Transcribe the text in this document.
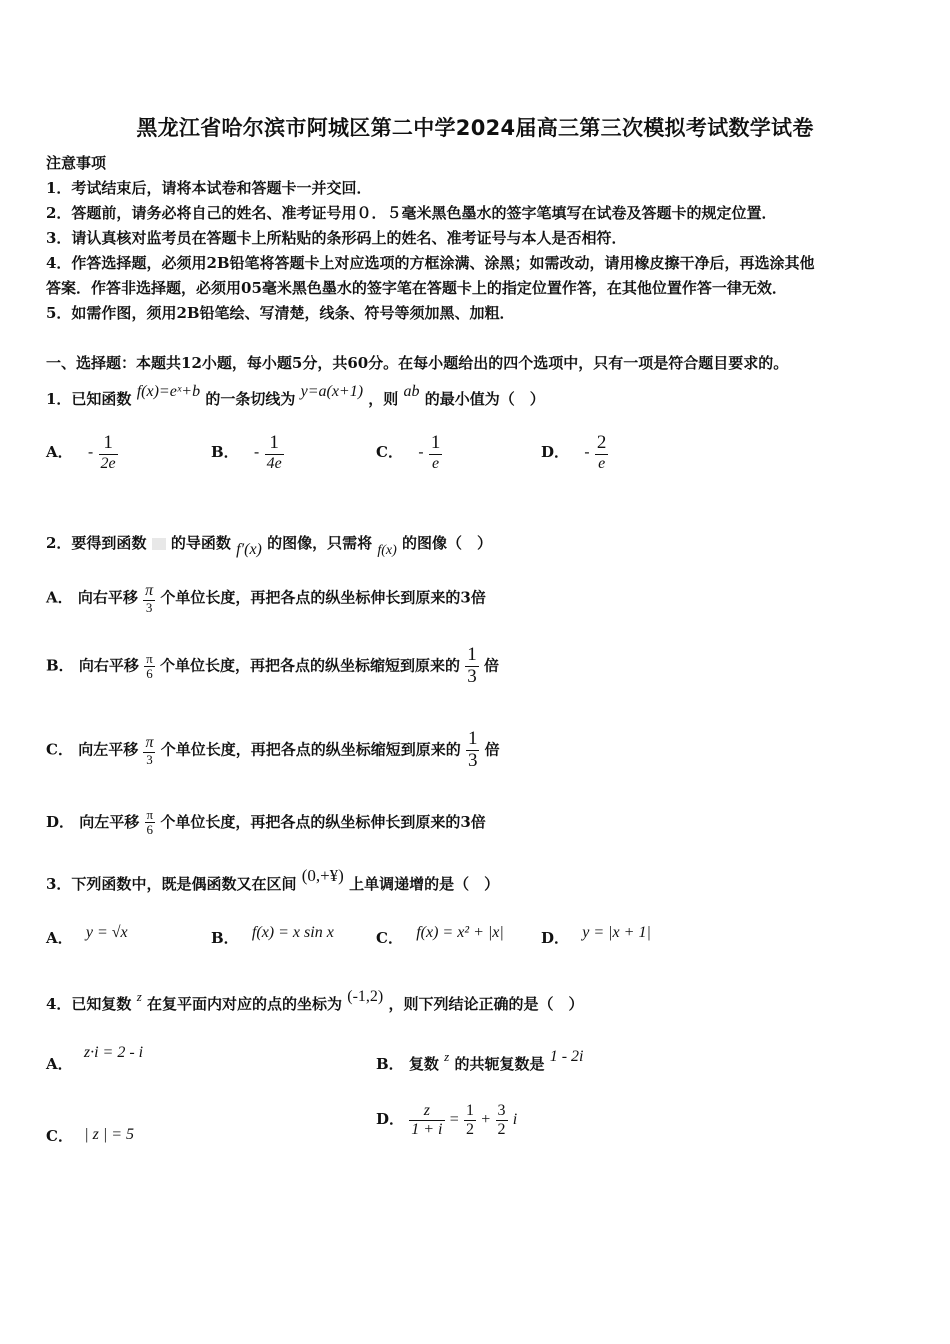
黑龙江省哈尔滨市阿城区第二中学2024届高三第三次模拟考试数学试卷
注意事项
1．考试结束后，请将本试卷和答题卡一并交回．
2．答题前，请务必将自己的姓名、准考证号用０．５毫米黑色墨水的签字笔填写在试卷及答题卡的规定位置．
3．请认真核对监考员在答题卡上所粘贴的条形码上的姓名、准考证号与本人是否相符．
4．作答选择题，必须用2B铅笔将答题卡上对应选项的方框涂满、涂黑；如需改动，请用橡皮擦干净后，再选涂其他
答案．作答非选择题，必须用05毫米黑色墨水的签字笔在答题卡上的指定位置作答，在其他位置作答一律无效．
5．如需作图，须用2B铅笔绘、写清楚，线条、符号等须加黑、加粗．
一、选择题：本题共12小题，每小题5分，共60分。在每小题给出的四个选项中，只有一项是符合题目要求的。
1．已知函数 f(x)=eˣ+b 的一条切线为 y=a(x+1) ，则 ab 的最小值为（　）
A． - $\frac{1}{2e}$	B． - $\frac{1}{4e}$	C． - $\frac{1}{e}$	D． - $\frac{2}{e}$
2．要得到函数 的导函数 f′(x) 的图像，只需将 f(x) 的图像（　）
A． 向右平移 $\frac{\pi}{3}$ 个单位长度，再把各点的纵坐标伸长到原来的3倍
B． 向右平移 $\frac{\pi}{6}$ 个单位长度，再把各点的纵坐标缩短到原来的 $\frac{1}{3}$ 倍
C． 向左平移 $\frac{\pi}{3}$ 个单位长度，再把各点的纵坐标缩短到原来的 $\frac{1}{3}$ 倍
D． 向左平移 $\frac{\pi}{6}$ 个单位长度，再把各点的纵坐标伸长到原来的3倍
3．下列函数中，既是偶函数又在区间 (0,+¥) 上单调递增的是（　）
A． y = √x	B． f(x) = x sin x	C． f(x) = x² + |x| D． y = |x + 1|
4．已知复数 z 在复平面内对应的点的坐标为 (-1,2) ，则下列结论正确的是（　）
A． z·i = 2 - i
B． 复数 z 的共轭复数是 1 - 2i
C． | z | = 5
D． $\frac{z}{1 + i} = \frac{1}{2} + \frac{3}{2}$ i
